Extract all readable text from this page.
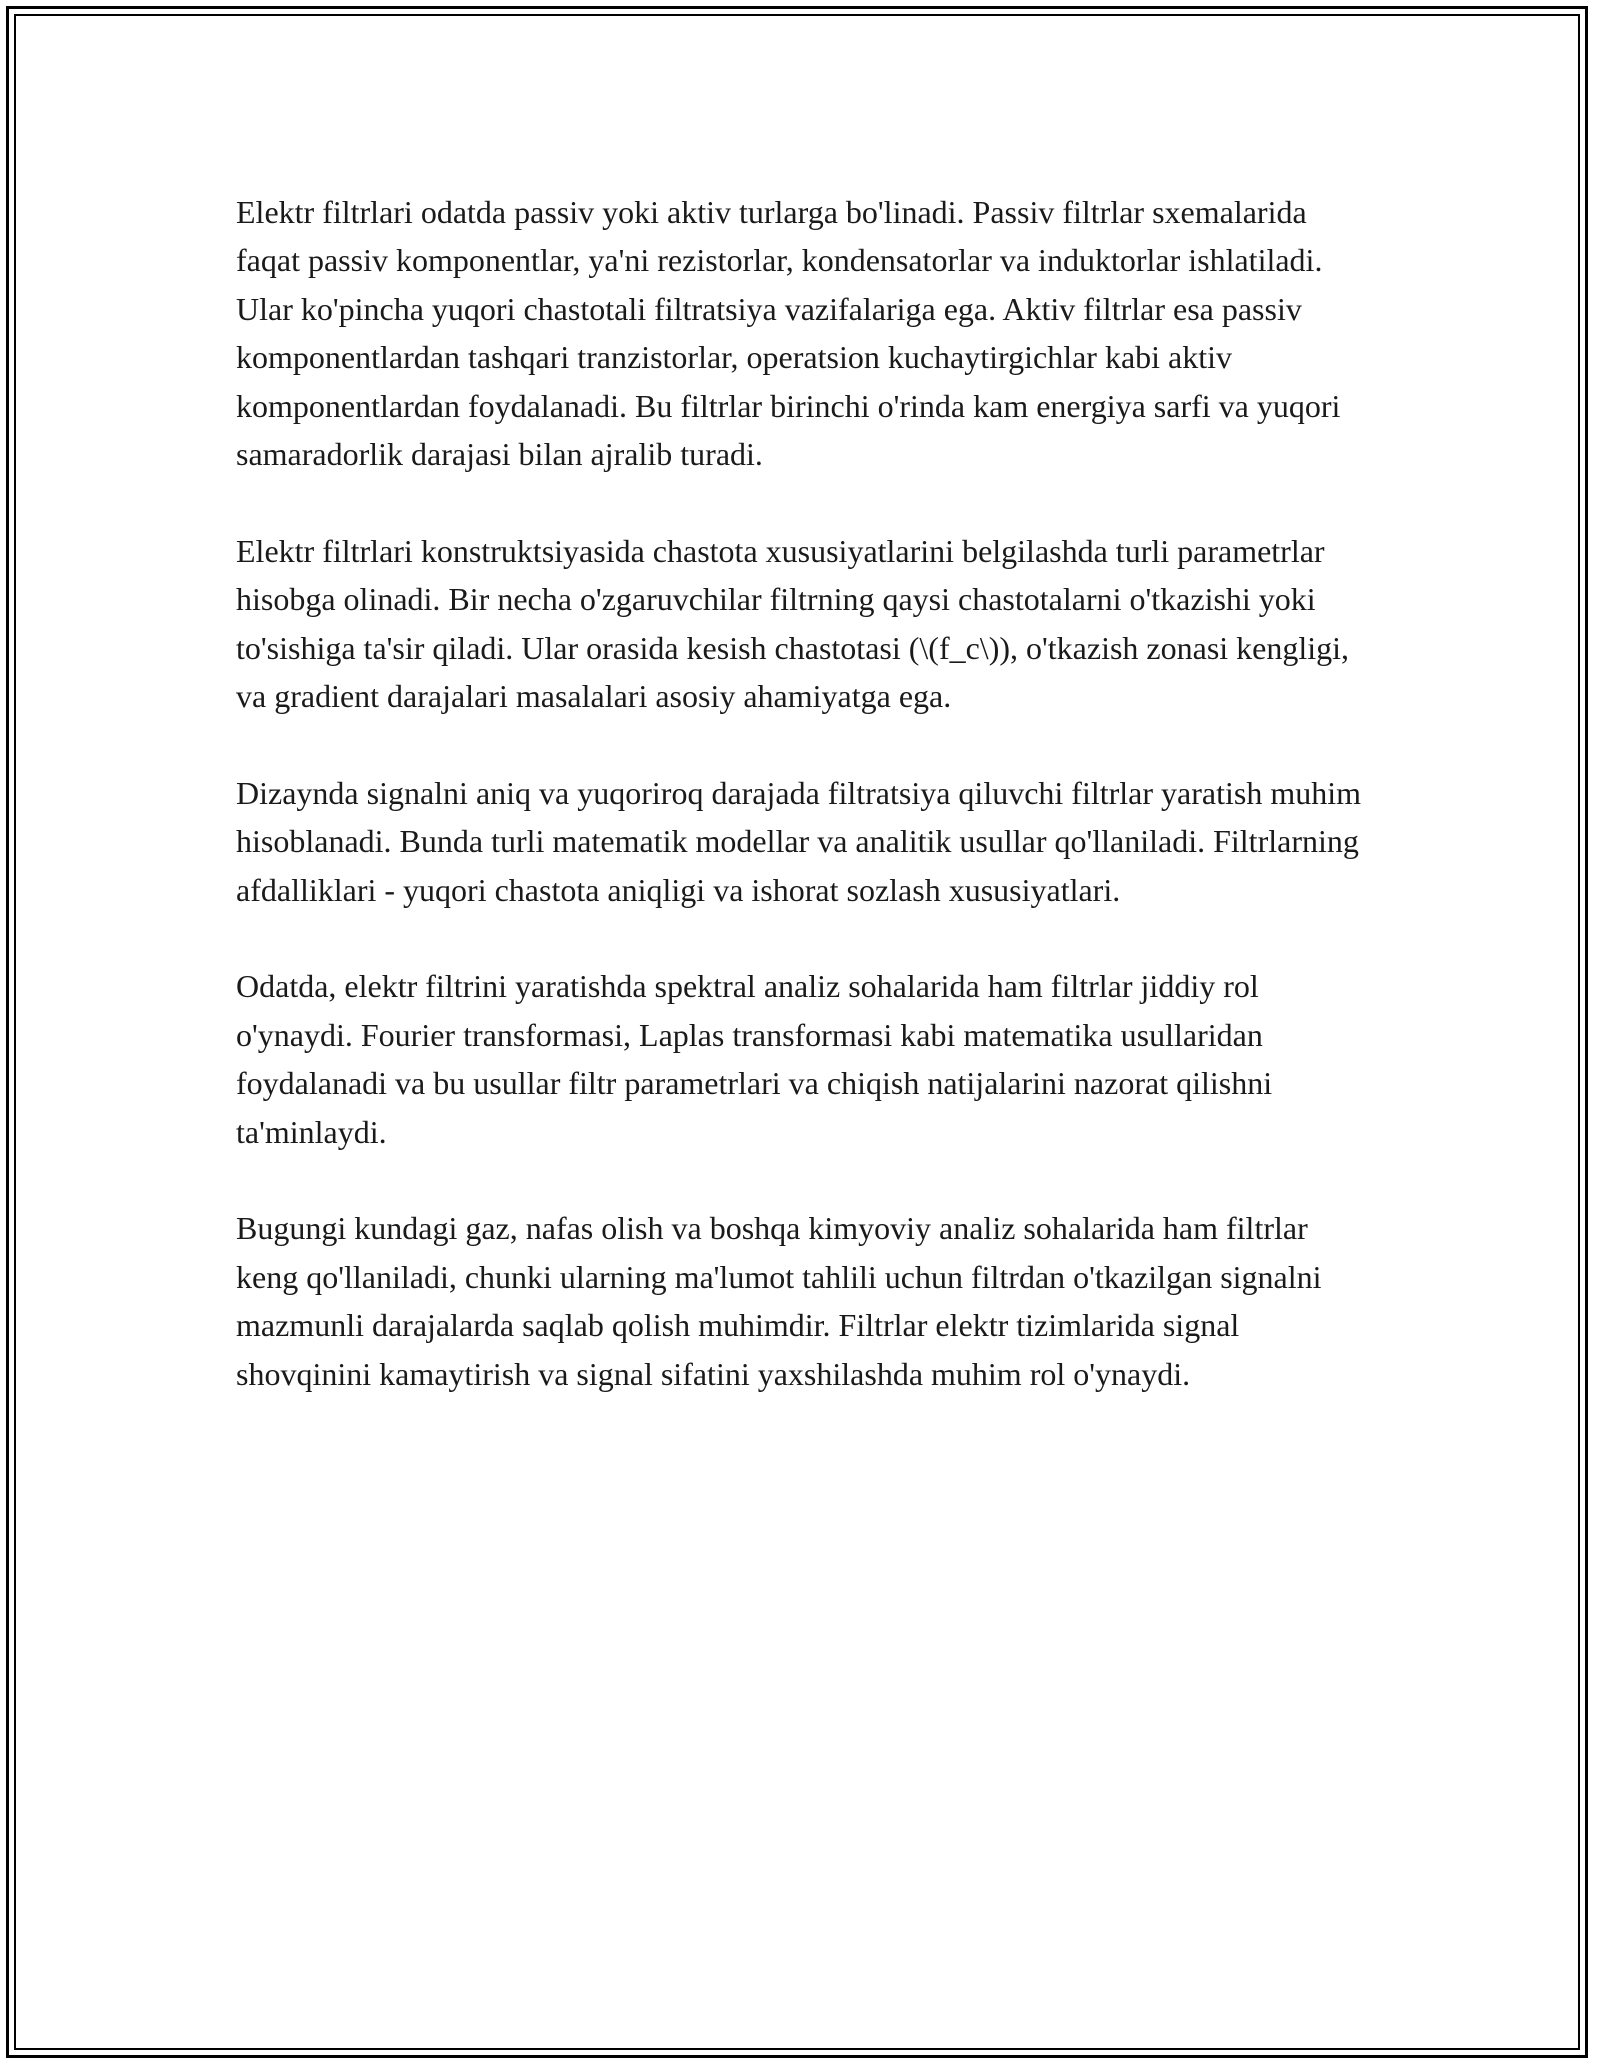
Elektr filtrlari odatda passiv yoki aktiv turlarga bo'linadi. Passiv filtrlar sxemalarida faqat passiv komponentlar, ya'ni rezistorlar, kondensatorlar va induktorlar ishlatiladi. Ular ko'pincha yuqori chastotali filtratsiya vazifalariga ega. Aktiv filtrlar esa passiv komponentlardan tashqari tranzistorlar, operatsion kuchaytirgichlar kabi aktiv komponentlardan foydalanadi. Bu filtrlar birinchi o'rinda kam energiya sarfi va yuqori samaradorlik darajasi bilan ajralib turadi.

Elektr filtrlari konstruktsiyasida chastota xususiyatlarini belgilashda turli parametrlar hisobga olinadi. Bir necha o'zgaruvchilar filtrning qaysi chastotalarni o'tkazishi yoki to'sishiga ta'sir qiladi. Ular orasida kesish chastotasi (\(f_c\)), o'tkazish zonasi kengligi, va gradient darajalari masalalari asosiy ahamiyatga ega.

Dizaynda signalni aniq va yuqoriroq darajada filtratsiya qiluvchi filtrlar yaratish muhim hisoblanadi. Bunda turli matematik modellar va analitik usullar qo'llaniladi. Filtrlarning afdalliklari - yuqori chastota aniqligi va ishorat sozlash xususiyatlari.

Odatda, elektr filtrini yaratishda spektral analiz sohalarida ham filtrlar jiddiy rol o'ynaydi. Fourier transformasi, Laplas transformasi kabi matematika usullaridan foydalanadi va bu usullar filtr parametrlari va chiqish natijalarini nazorat qilishni ta'minlaydi.

Bugungi kundagi gaz, nafas olish va boshqa kimyoviy analiz sohalarida ham filtrlar keng qo'llaniladi, chunki ularning ma'lumot tahlili uchun filtrdan o'tkazilgan signalni mazmunli darajalarda saqlab qolish muhimdir. Filtrlar elektr tizimlarida signal shovqinini kamaytirish va signal sifatini yaxshilashda muhim rol o'ynaydi.
